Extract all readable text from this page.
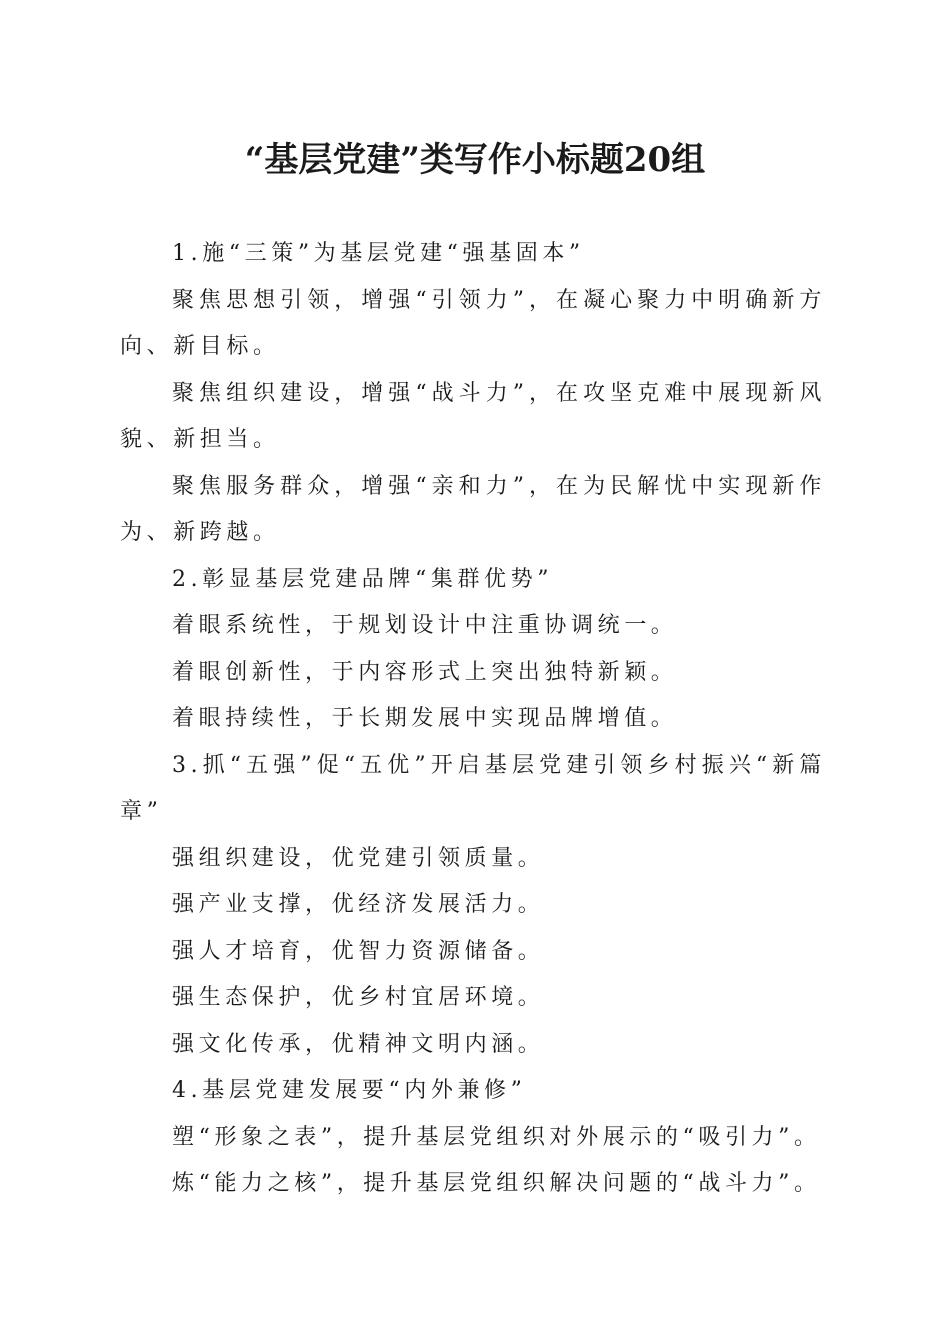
“基层党建”类写作小标题20组

1.施“三策”为基层党建“强基固本”

聚焦思想引领，增强“引领力”，在凝心聚力中明确新方向、新目标。

聚焦组织建设，增强“战斗力”，在攻坚克难中展现新风貌、新担当。

聚焦服务群众，增强“亲和力”，在为民解忧中实现新作为、新跨越。

2.彰显基层党建品牌“集群优势”

着眼系统性，于规划设计中注重协调统一。

着眼创新性，于内容形式上突出独特新颖。

着眼持续性，于长期发展中实现品牌增值。

3.抓“五强”促“五优”开启基层党建引领乡村振兴“新篇章”

强组织建设，优党建引领质量。

强产业支撑，优经济发展活力。

强人才培育，优智力资源储备。

强生态保护，优乡村宜居环境。

强文化传承，优精神文明内涵。

4.基层党建发展要“内外兼修”

塑“形象之表”，提升基层党组织对外展示的“吸引力”。

炼“能力之核”，提升基层党组织解决问题的“战斗力”。
